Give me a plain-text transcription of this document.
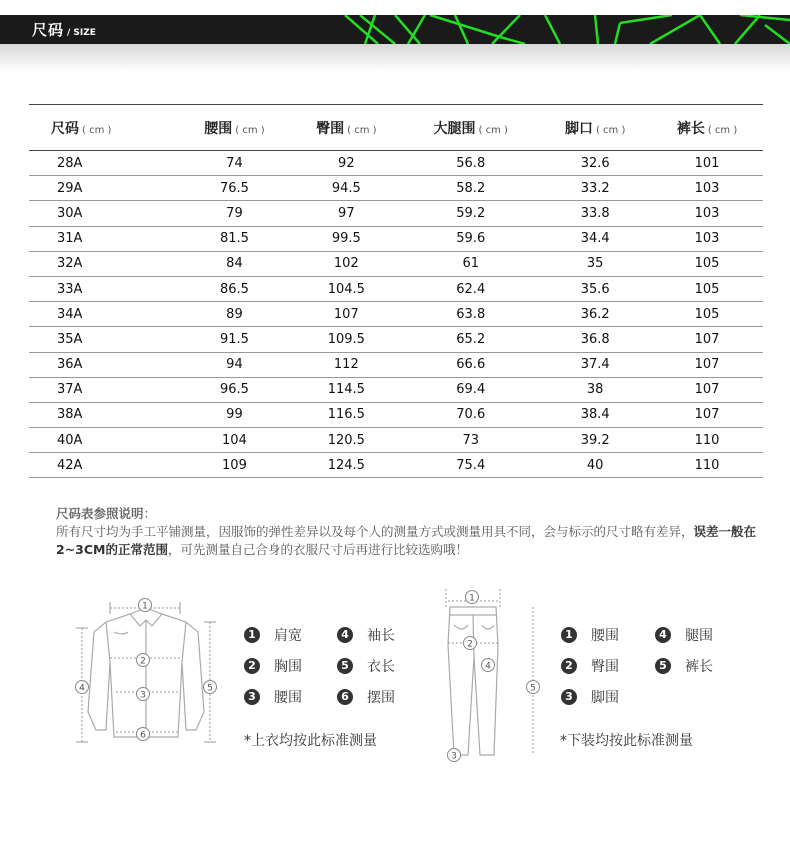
尺码 / SIZE
尺码 ( cm )	腰围 ( cm )	臀围 ( cm )	大腿围 ( cm )	脚口 ( cm )	裤长 ( cm )
28A	74	92	56.8	32.6	101
29A	76.5	94.5	58.2	33.2	103
30A	79	97	59.2	33.8	103
31A	81.5	99.5	59.6	34.4	103
32A	84	102	61	35	105
33A	86.5	104.5	62.4	35.6	105
34A	89	107	63.8	36.2	105
35A	91.5	109.5	65.2	36.8	107
36A	94	112	66.6	37.4	107
37A	96.5	114.5	69.4	38	107
38A	99	116.5	70.6	38.4	107
40A	104	120.5	73	39.2	110
42A	109	124.5	75.4	40	110
尺码表参照说明：
所有尺寸均为手工平铺测量，因服饰的弹性差异以及每个人的测量方式或测量用具不同，会与标示的尺寸略有差异，误差一般在2~3CM的正常范围，可先测量自己合身的衣服尺寸后再进行比较选购哦！
1
2
3
4	5
6
1 肩宽	4 袖长
2 胸围	5 衣长
3 腰围	6 摆围
*上衣均按此标准测量
1
2
3
4
5
1 腰围	4 腿围
2 臀围	5 裤长
3 脚围
*下装均按此标准测量
